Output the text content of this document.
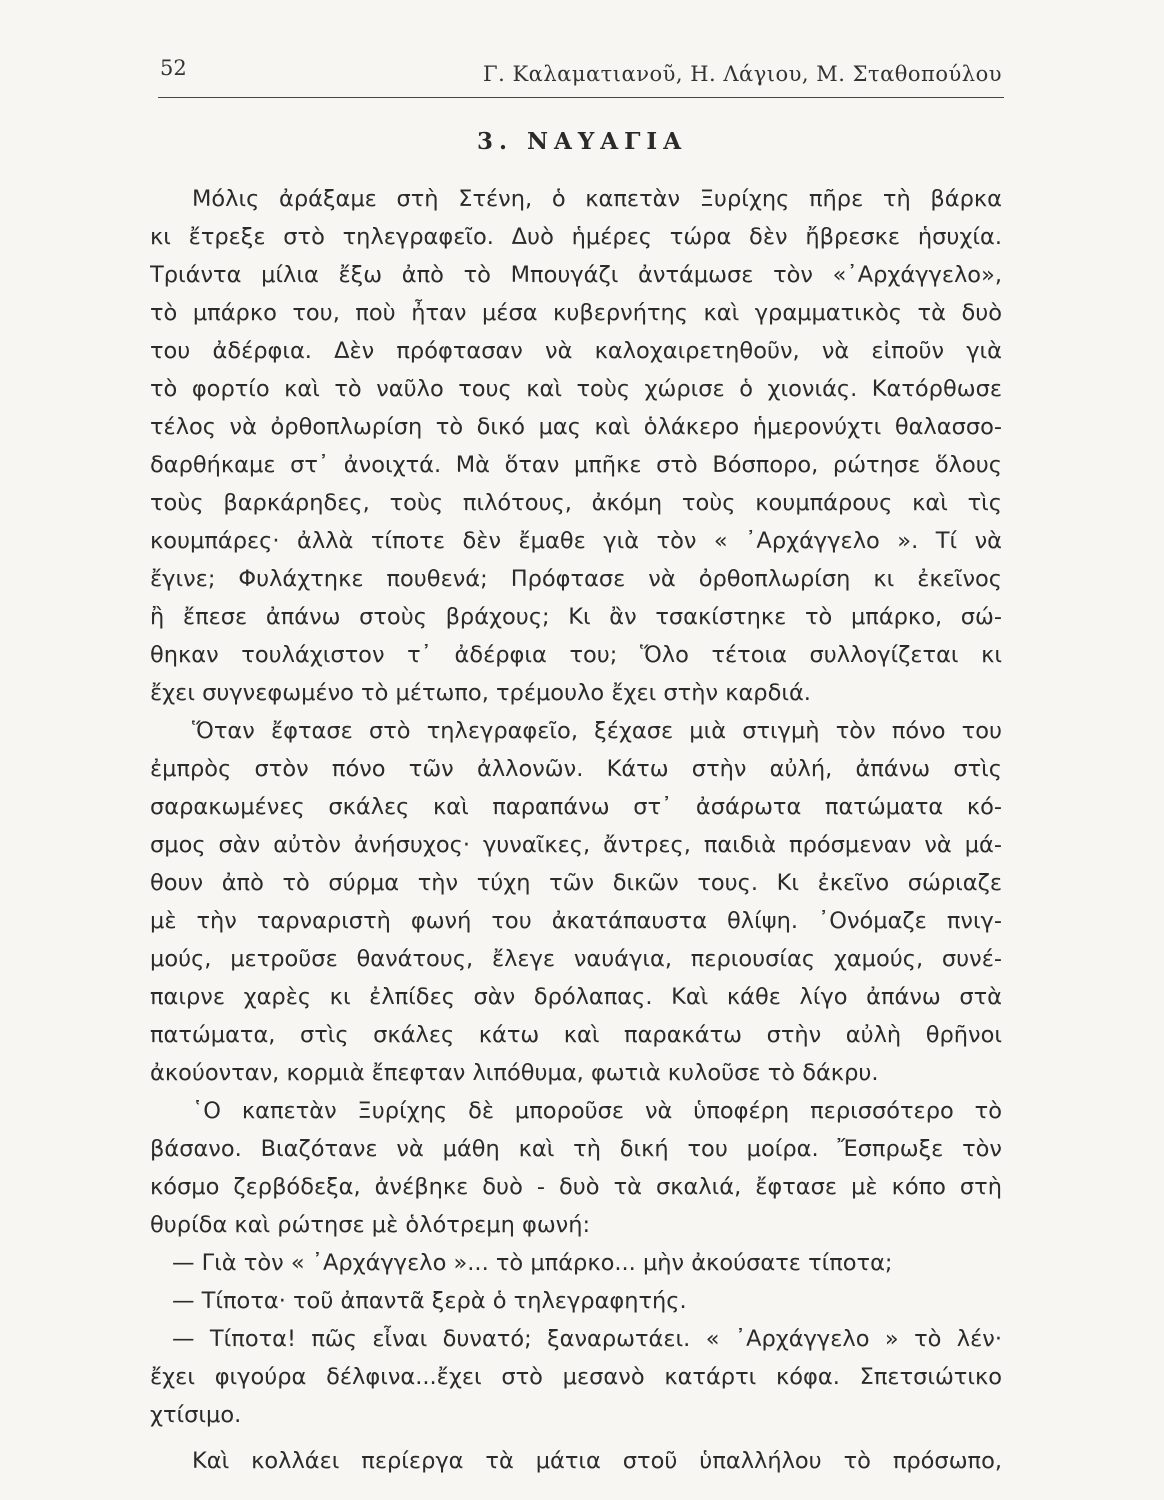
52	Γ. Καλαματιανοῦ, Η. Λάγιου, Μ. Σταθοπούλου
3. ΝΑΥΑΓΙΑ
Μόλις ἀράξαμε στὴ Στένη, ὁ καπετὰν Ξυρίχης πῆρε τὴ βάρκα
κι ἔτρεξε στὸ τηλεγραφεῖο. Δυὸ ἡμέρες τώρα δὲν ἤβρεσκε ἡσυχία.
Τριάντα μίλια ἔξω ἀπὸ τὸ Μπουγάζι ἀντάμωσε τὸν «᾿Αρχάγγελο»,
τὸ μπάρκο του, ποὺ ἦταν μέσα κυβερνήτης καὶ γραμματικὸς τὰ δυὸ
του ἀδέρφια. Δὲν πρόφτασαν νὰ καλοχαιρετηθοῦν, νὰ εἰποῦν γιὰ
τὸ φορτίο καὶ τὸ ναῦλο τους καὶ τοὺς χώρισε ὁ χιονιάς. Κατόρθωσε
τέλος νὰ ὀρθοπλωρίση τὸ δικό μας καὶ ὁλάκερο ἡμερονύχτι θαλασσο-
δαρθήκαμε στ᾿ ἀνοιχτά. Μὰ ὅταν μπῆκε στὸ Βόσπορο, ρώτησε ὅλους
τοὺς βαρκάρηδες, τοὺς πιλότους, ἀκόμη τοὺς κουμπάρους καὶ τὶς
κουμπάρες· ἀλλὰ τίποτε δὲν ἔμαθε γιὰ τὸν « ᾿Αρχάγγελο ». Τί νὰ
ἔγινε; Φυλάχτηκε πουθενά; Πρόφτασε νὰ ὀρθοπλωρίση κι ἐκεῖνος
ἢ ἔπεσε ἀπάνω στοὺς βράχους; Κι ἂν τσακίστηκε τὸ μπάρκο, σώ-
θηκαν τουλάχιστον τ᾿ ἀδέρφια του; Ὅλο τέτοια συλλογίζεται κι
ἔχει συγνεφωμένο τὸ μέτωπο, τρέμουλο ἔχει στὴν καρδιά.
Ὅταν ἔφτασε στὸ τηλεγραφεῖο, ξέχασε μιὰ στιγμὴ τὸν πόνο του
ἐμπρὸς στὸν πόνο τῶν ἀλλονῶν. Κάτω στὴν αὐλή, ἀπάνω στὶς
σαρακωμένες σκάλες καὶ παραπάνω στ᾿ ἀσάρωτα πατώματα κό-
σμος σὰν αὐτὸν ἀνήσυχος· γυναῖκες, ἄντρες, παιδιὰ πρόσμεναν νὰ μά-
θουν ἀπὸ τὸ σύρμα τὴν τύχη τῶν δικῶν τους. Κι ἐκεῖνο σώριαζε
μὲ τὴν ταρναριστὴ φωνή του ἀκατάπαυστα θλίψη. ᾿Ονόμαζε πνιγ-
μούς, μετροῦσε θανάτους, ἔλεγε ναυάγια, περιουσίας χαμούς, συνέ-
παιρνε χαρὲς κι ἐλπίδες σὰν δρόλαπας. Καὶ κάθε λίγο ἀπάνω στὰ
πατώματα, στὶς σκάλες κάτω καὶ παρακάτω στὴν αὐλὴ θρῆνοι
ἀκούονταν, κορμιὰ ἔπεφταν λιπόθυμα, φωτιὰ κυλοῦσε τὸ δάκρυ.
῾Ο καπετὰν Ξυρίχης δὲ μποροῦσε νὰ ὑποφέρη περισσότερο τὸ
βάσανο. Βιαζότανε νὰ μάθη καὶ τὴ δική του μοίρα. Ἔσπρωξε τὸν
κόσμο ζερβόδεξα, ἀνέβηκε δυὸ - δυὸ τὰ σκαλιά, ἔφτασε μὲ κόπο στὴ
θυρίδα καὶ ρώτησε μὲ ὁλότρεμη φωνή:
— Γιὰ τὸν « ᾿Αρχάγγελο »... τὸ μπάρκο... μὴν ἀκούσατε τίποτα;
— Τίποτα· τοῦ ἀπαντᾶ ξερὰ ὁ τηλεγραφητής.
— Τίποτα! πῶς εἶναι δυνατό; ξαναρωτάει. « ᾿Αρχάγγελο » τὸ λέν·
ἔχει φιγούρα δέλφινα...ἔχει στὸ μεσανὸ κατάρτι κόφα. Σπετσιώτικο
χτίσιμο.
Καὶ κολλάει περίεργα τὰ μάτια στοῦ ὑπαλλήλου τὸ πρόσωπο,
